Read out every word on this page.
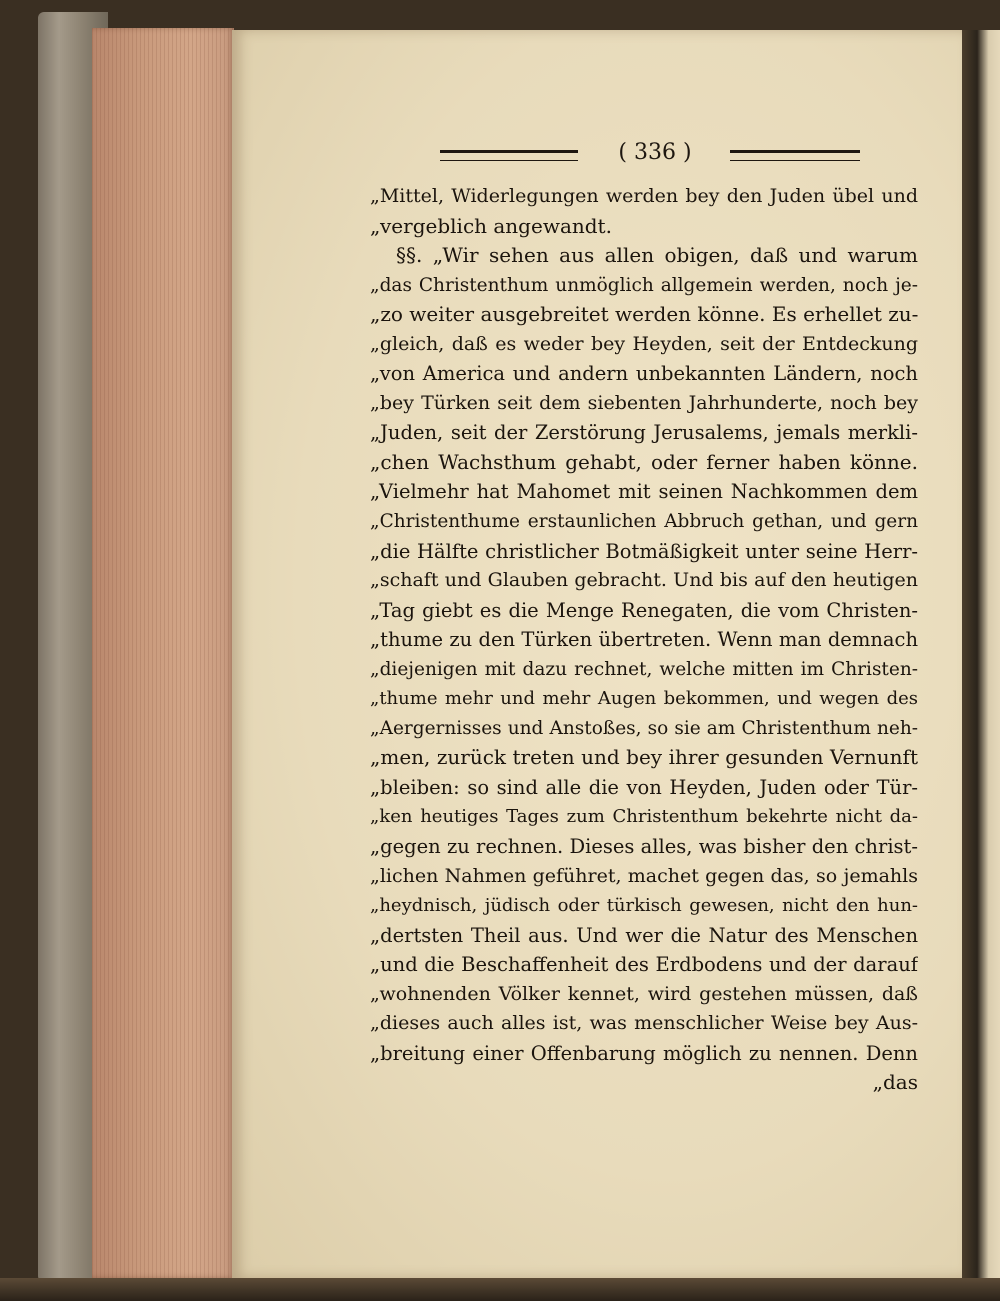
( 336 )
„Mittel, Widerlegungen werden bey den Juden übel und
„vergeblich angewandt.
§§. „Wir sehen aus allen obigen, daß und warum
„das Christenthum unmöglich allgemein werden, noch je-
„zo weiter ausgebreitet werden könne. Es erhellet zu-
„gleich, daß es weder bey Heyden, seit der Entdeckung
„von America und andern unbekannten Ländern, noch
„bey Türken seit dem siebenten Jahrhunderte, noch bey
„Juden, seit der Zerstörung Jerusalems, jemals merkli-
„chen Wachsthum gehabt, oder ferner haben könne.
„Vielmehr hat Mahomet mit seinen Nachkommen dem
„Christenthume erstaunlichen Abbruch gethan, und gern
„die Hälfte christlicher Botmäßigkeit unter seine Herr-
„schaft und Glauben gebracht. Und bis auf den heutigen
„Tag giebt es die Menge Renegaten, die vom Christen-
„thume zu den Türken übertreten. Wenn man demnach
„diejenigen mit dazu rechnet, welche mitten im Christen-
„thume mehr und mehr Augen bekommen, und wegen des
„Aergernisses und Anstoßes, so sie am Christenthum neh-
„men, zurück treten und bey ihrer gesunden Vernunft
„bleiben: so sind alle die von Heyden, Juden oder Tür-
„ken heutiges Tages zum Christenthum bekehrte nicht da-
„gegen zu rechnen. Dieses alles, was bisher den christ-
„lichen Nahmen geführet, machet gegen das, so jemahls
„heydnisch, jüdisch oder türkisch gewesen, nicht den hun-
„dertsten Theil aus. Und wer die Natur des Menschen
„und die Beschaffenheit des Erdbodens und der darauf
„wohnenden Völker kennet, wird gestehen müssen, daß
„dieses auch alles ist, was menschlicher Weise bey Aus-
„breitung einer Offenbarung möglich zu nennen. Denn
„das
